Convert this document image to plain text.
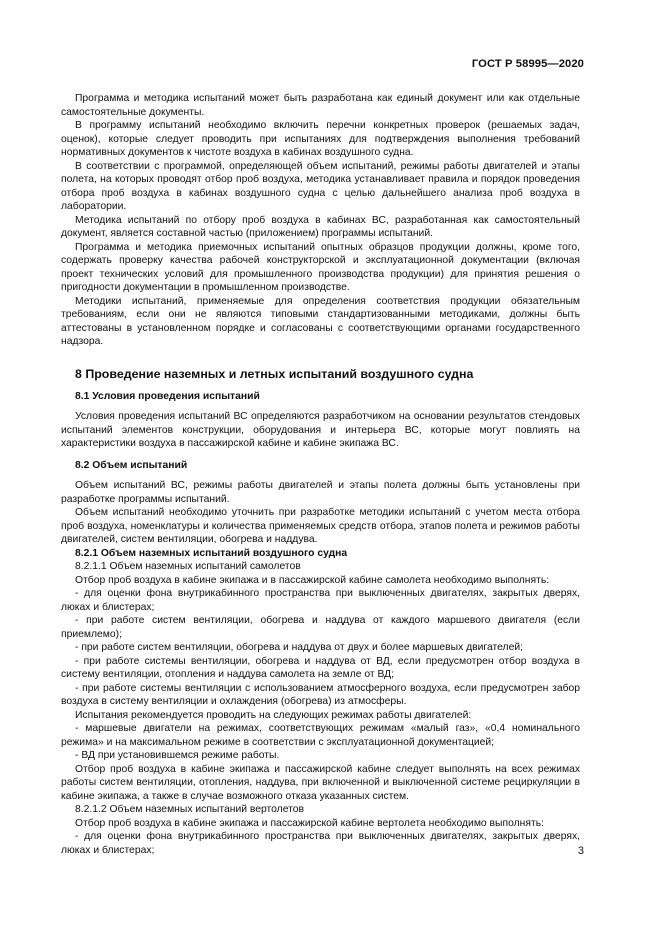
ГОСТ Р 58995—2020

Программа и методика испытаний может быть разработана как единый документ или как отдельные самостоятельные документы.

В программу испытаний необходимо включить перечни конкретных проверок (решаемых задач, оценок), которые следует проводить при испытаниях для подтверждения выполнения требований нормативных документов к чистоте воздуха в кабинах воздушного судна.

В соответствии с программой, определяющей объем испытаний, режимы работы двигателей и этапы полета, на которых проводят отбор проб воздуха, методика устанавливает правила и порядок проведения отбора проб воздуха в кабинах воздушного судна с целью дальнейшего анализа проб воздуха в лаборатории.

Методика испытаний по отбору проб воздуха в кабинах ВС, разработанная как самостоятельный документ, является составной частью (приложением) программы испытаний.

Программа и методика приемочных испытаний опытных образцов продукции должны, кроме того, содержать проверку качества рабочей конструкторской и эксплуатационной документации (включая проект технических условий для промышленного производства продукции) для принятия решения о пригодности документации в промышленном производстве.

Методики испытаний, применяемые для определения соответствия продукции обязательным требованиям, если они не являются типовыми стандартизованными методиками, должны быть аттестованы в установленном порядке и согласованы с соответствующими органами государственного надзора.

8 Проведение наземных и летных испытаний воздушного судна
8.1 Условия проведения испытаний

Условия проведения испытаний ВС определяются разработчиком на основании результатов стендовых испытаний элементов конструкции, оборудования и интерьера ВС, которые могут повлиять на характеристики воздуха в пассажирской кабине и кабине экипажа ВС.

8.2 Объем испытаний

Объем испытаний ВС, режимы работы двигателей и этапы полета должны быть установлены при разработке программы испытаний.

Объем испытаний необходимо уточнить при разработке методики испытаний с учетом места отбора проб воздуха, номенклатуры и количества применяемых средств отбора, этапов полета и режимов работы двигателей, систем вентиляции, обогрева и наддува.

8.2.1 Объем наземных испытаний воздушного судна

8.2.1.1 Объем наземных испытаний самолетов

Отбор проб воздуха в кабине экипажа и в пассажирской кабине самолета необходимо выполнять:

- для оценки фона внутрикабинного пространства при выключенных двигателях, закрытых дверях, люках и блистерах;

- при работе систем вентиляции, обогрева и наддува от каждого маршевого двигателя (если приемлемо);

- при работе систем вентиляции, обогрева и наддува от двух и более маршевых двигателей;

- при работе системы вентиляции, обогрева и наддува от ВД, если предусмотрен отбор воздуха в систему вентиляции, отопления и наддува самолета на земле от ВД;

- при работе системы вентиляции с использованием атмосферного воздуха, если предусмотрен забор воздуха в систему вентиляции и охлаждения (обогрева) из атмосферы.

Испытания рекомендуется проводить на следующих режимах работы двигателей:

- маршевые двигатели на режимах, соответствующих режимам «малый газ», «0,4 номинального режима» и на максимальном режиме в соответствии с эксплуатационной документацией;

- ВД при установившемся режиме работы.

Отбор проб воздуха в кабине экипажа и пассажирской кабине следует выполнять на всех режимах работы систем вентиляции, отопления, наддува, при включенной и выключенной системе рециркуляции в кабине экипажа, а также в случае возможного отказа указанных систем.

8.2.1.2 Объем наземных испытаний вертолетов

Отбор проб воздуха в кабине экипажа и пассажирской кабине вертолета необходимо выполнять:

- для оценки фона внутрикабинного пространства при выключенных двигателях, закрытых дверях, люках и блистерах;	3
